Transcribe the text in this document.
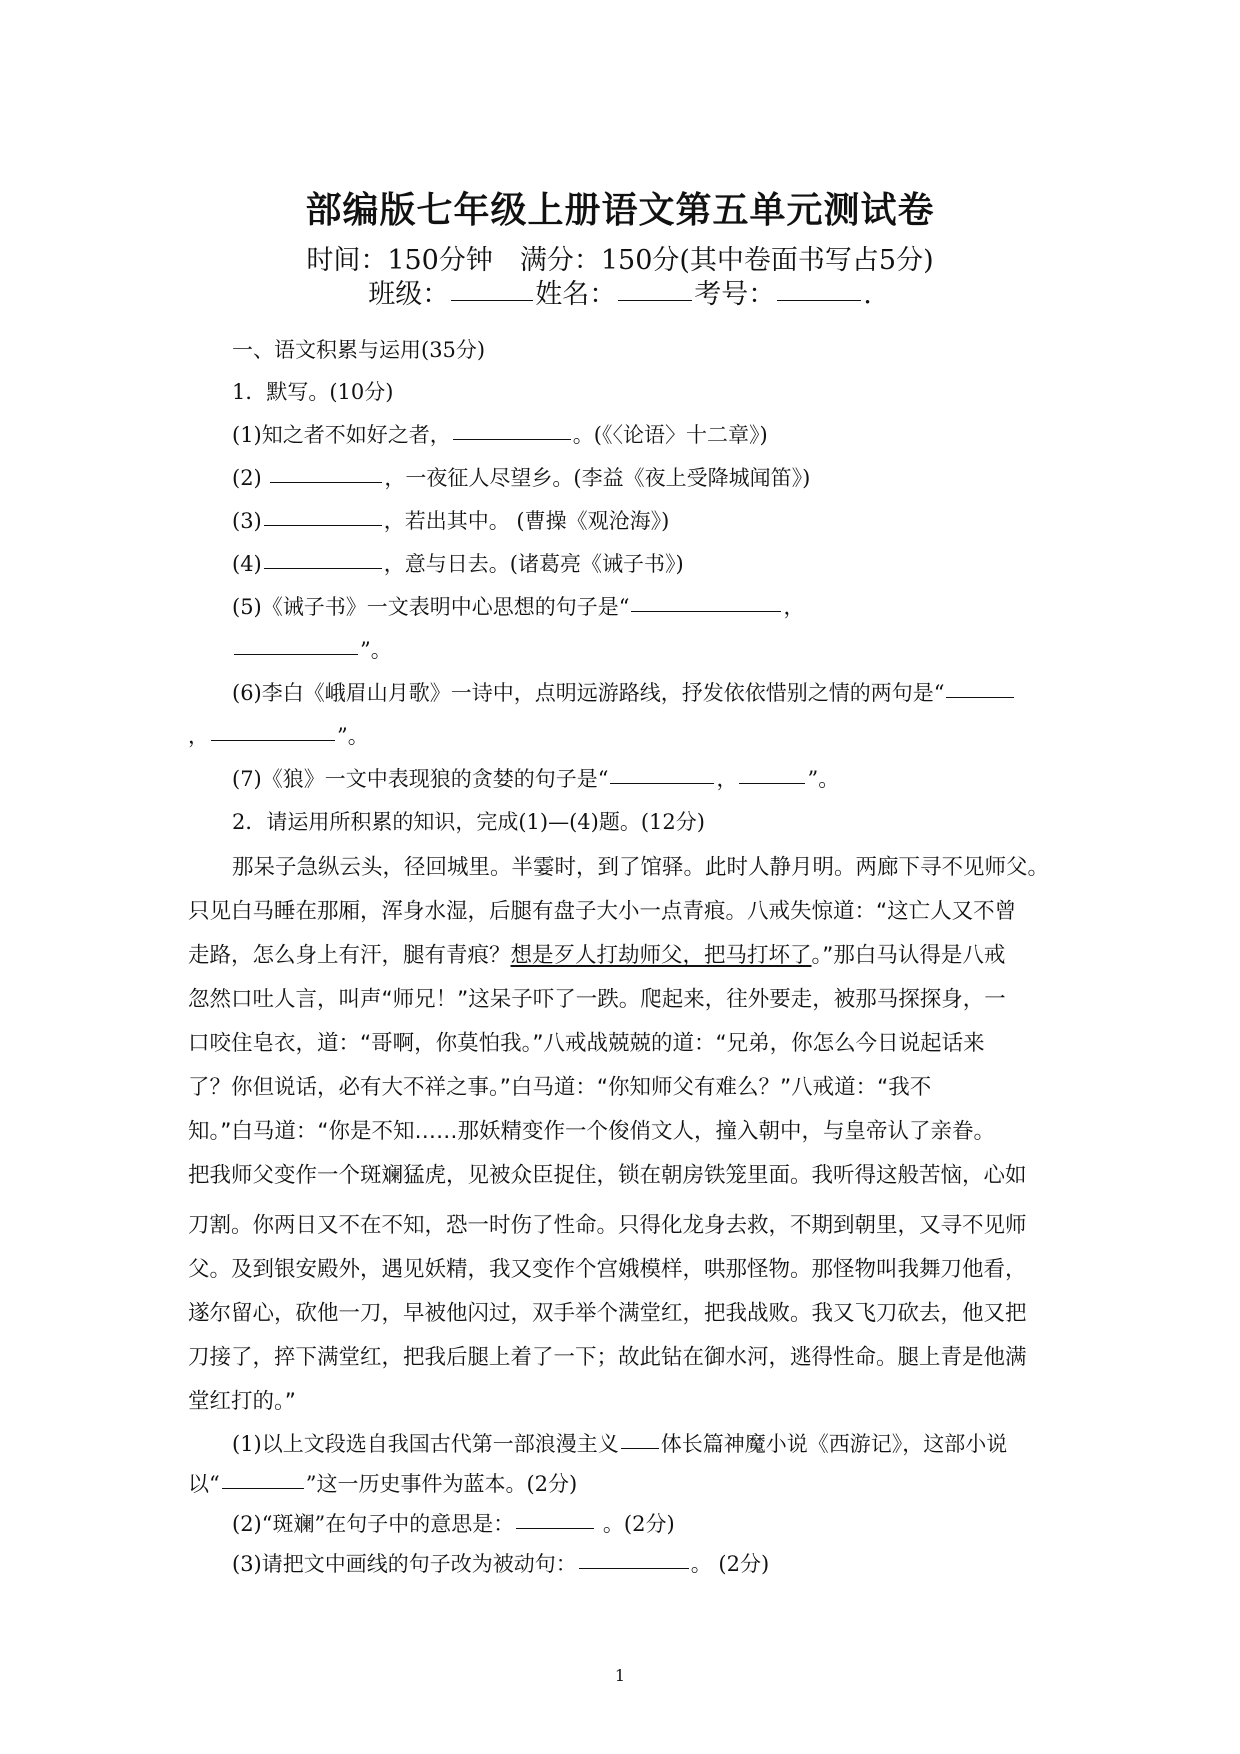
部编版七年级上册语文第五单元测试卷
时间：150分钟　满分：150分(其中卷面书写占5分)
班级：	姓名：	考号：	.
一、语文积累与运用(35分)
1．默写。(10分)
(1)知之者不如好之者，	。(《〈论语〉十二章》)
(2)	，一夜征人尽望乡。(李益《夜上受降城闻笛》)
(3)	，若出其中。 (曹操《观沧海》)
(4)	，意与日去。(诸葛亮《诫子书》)
(5)《诫子书》一文表明中心思想的句子是“	，
”。
(6)李白《峨眉山月歌》一诗中，点明远游路线，抒发依依惜别之情的两句是“
，	”。
(7)《狼》一文中表现狼的贪婪的句子是“	，	”。
2．请运用所积累的知识，完成(1)—(4)题。(12分)
那呆子急纵云头，径回城里。半霎时，到了馆驿。此时人静月明。两廊下寻不见师父。
只见白马睡在那厢，浑身水湿，后腿有盘子大小一点青痕。八戒失惊道：“这亡人又不曾
走路，怎么身上有汗，腿有青痕？想是歹人打劫师父，把马打坏了。”那白马认得是八戒
忽然口吐人言，叫声“师兄！”这呆子吓了一跌。爬起来，往外要走，被那马探探身，一
口咬住皂衣，道：“哥啊，你莫怕我。”八戒战兢兢的道：“兄弟，你怎么今日说起话来
了？你但说话，必有大不祥之事。”白马道：“你知师父有难么？”八戒道：“我不
知。”白马道：“你是不知……那妖精变作一个俊俏文人，撞入朝中，与皇帝认了亲眷。
把我师父变作一个斑斓猛虎，见被众臣捉住，锁在朝房铁笼里面。我听得这般苦恼，心如
刀割。你两日又不在不知，恐一时伤了性命。只得化龙身去救，不期到朝里，又寻不见师
父。及到银安殿外，遇见妖精，我又变作个宫娥模样，哄那怪物。那怪物叫我舞刀他看，
遂尔留心，砍他一刀，早被他闪过，双手举个满堂红，把我战败。我又飞刀砍去，他又把
刀接了，捽下满堂红，把我后腿上着了一下；故此钻在御水河，逃得性命。腿上青是他满
堂红打的。”
(1)以上文段选自我国古代第一部浪漫主义 体长篇神魔小说《西游记》，这部小说
以“	”这一历史事件为蓝本。(2分)
(2)“斑斓”在句子中的意思是：	。(2分)
(3)请把文中画线的句子改为被动句：	。 (2分)
1
